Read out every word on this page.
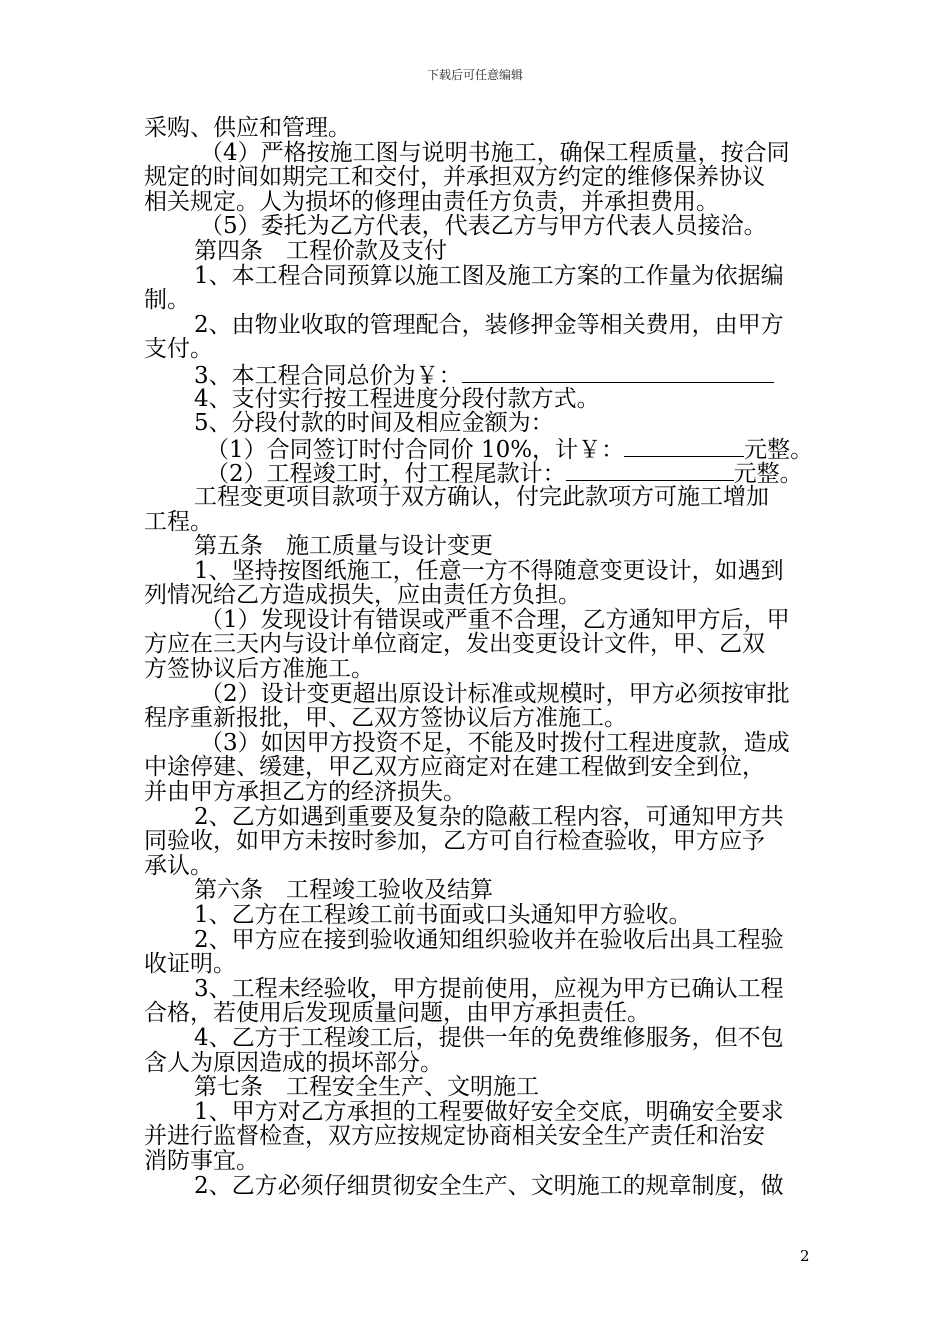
下载后可任意编辑
采购、供应和管理。
（4）严格按施工图与说明书施工，确保工程质量，按合同
规定的时间如期完工和交付，并承担双方约定的维修保养协议
相关规定。人为损坏的修理由责任方负责，并承担费用。
（5）委托为乙方代表，代表乙方与甲方代表人员接洽。
第四条　工程价款及支付
1、本工程合同预算以施工图及施工方案的工作量为依据编
制。
2、由物业收取的管理配合，装修押金等相关费用，由甲方
支付。
3、本工程合同总价为￥：
4、支付实行按工程进度分段付款方式。
5、分段付款的时间及相应金额为：
（1）合同签订时付合同价 10%，计￥：	元整。
（2）工程竣工时，付工程尾款计：	元整。
工程变更项目款项于双方确认，付完此款项方可施工增加
工程。
第五条　施工质量与设计变更
1、坚持按图纸施工，任意一方不得随意变更设计，如遇到
列情况给乙方造成损失，应由责任方负担。
（1）发现设计有错误或严重不合理，乙方通知甲方后，甲
方应在三天内与设计单位商定，发出变更设计文件，甲、乙双
方签协议后方准施工。
（2）设计变更超出原设计标准或规模时，甲方必须按审批
程序重新报批，甲、乙双方签协议后方准施工。
（3）如因甲方投资不足，不能及时拨付工程进度款，造成
中途停建、缓建，甲乙双方应商定对在建工程做到安全到位，
并由甲方承担乙方的经济损失。
2、乙方如遇到重要及复杂的隐蔽工程内容，可通知甲方共
同验收，如甲方未按时参加，乙方可自行检查验收，甲方应予
承认。
第六条　工程竣工验收及结算
1、乙方在工程竣工前书面或口头通知甲方验收。
2、甲方应在接到验收通知组织验收并在验收后出具工程验
收证明。
3、工程未经验收，甲方提前使用，应视为甲方已确认工程
合格，若使用后发现质量问题，由甲方承担责任。
4、乙方于工程竣工后，提供一年的免费维修服务，但不包
含人为原因造成的损坏部分。
第七条　工程安全生产、文明施工
1、甲方对乙方承担的工程要做好安全交底，明确安全要求
并进行监督检查，双方应按规定协商相关安全生产责任和治安
消防事宜。
2、乙方必须仔细贯彻安全生产、文明施工的规章制度，做
2
